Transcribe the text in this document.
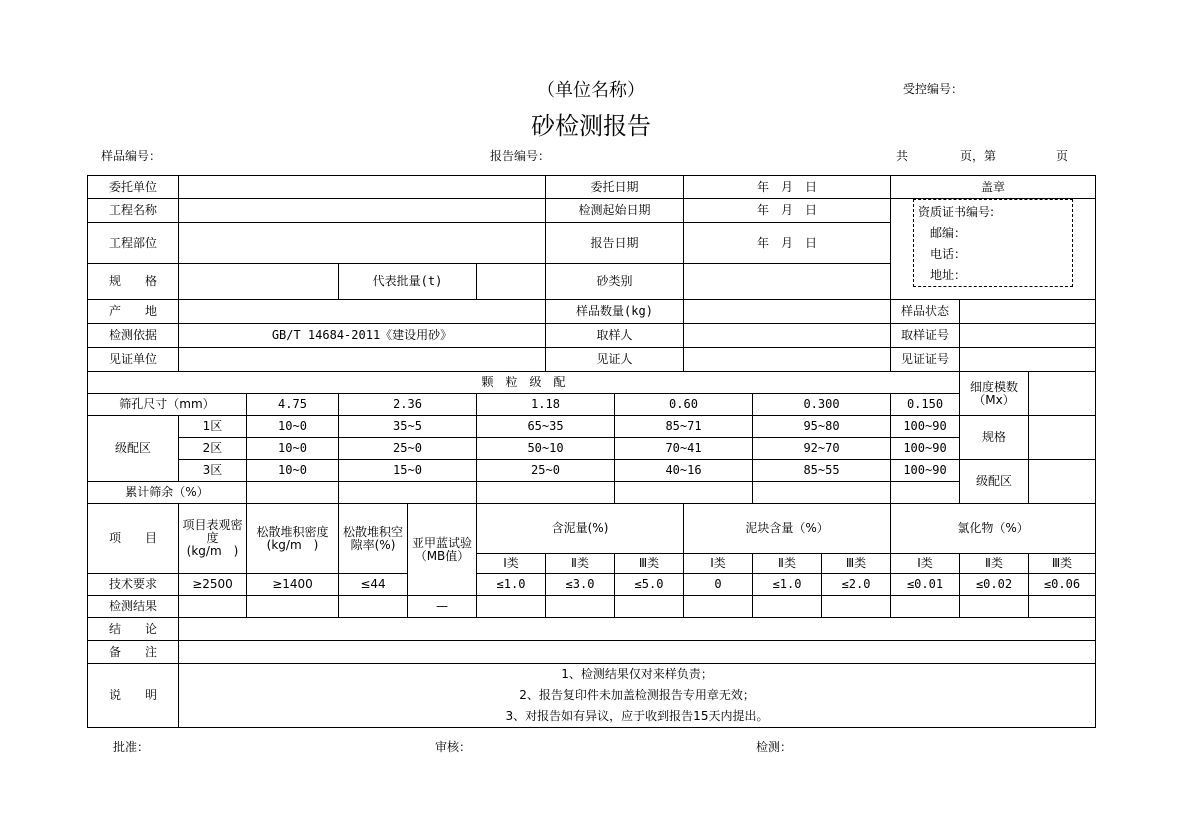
（单位名称）
砂检测报告
受控编号：
样品编号：	报告编号：	共	页，第	页
委托单位						委托日期		年　月　日			盖章		
工程名称						检测起始日期		年　月　日			资质证书编号:
邮编：
电话：
地址：		

工程部位						报告日期		年　月　日					
规　　格			代表批量(t)			砂类别							
产　　地						样品数量(kg)					样品状态		
检测依据	GB/T 14684-2011《建设用砂》					取样人					取样证号		
见证单位						见证人					见证证号		
颗　粒　级　配												细度模数（Mx）	
筛孔尺寸（mm）		4.75	2.36		1.18		0.60		0.300		0.150		
级配区	1区	10~0	35~5		65~35		85~71		95~80		100~90	规格	
	2区	10~0	25~0		50~10		70~41		92~70		100~90		
	3区	10~0	15~0		25~0		40~16		85~55		100~90	级配区	
累计筛余（%）													
项　　目	项目表观密度(kg/m　)	松散堆积密度(kg/m　)	松散堆积空隙率(%)	亚甲蓝试验（MB值）	含泥量(%)			泥块含量（%）			氯化物（%）		
					Ⅰ类	Ⅱ类	Ⅲ类	Ⅰ类	Ⅱ类	Ⅲ类	Ⅰ类	Ⅱ类	Ⅲ类
技术要求	≥2500	≥1400	≤44		≤1.0	≤3.0	≤5.0	0	≤1.0	≤2.0	≤0.01	≤0.02	≤0.06
检测结果				—									
结　　论													
备　　注													
说　　明	1、检测结果仅对来样负责；
2、报告复印件未加盖检测报告专用章无效；
3、对报告如有异议，应于收到报告15天内提出。												
批准：	审核：	检测：
